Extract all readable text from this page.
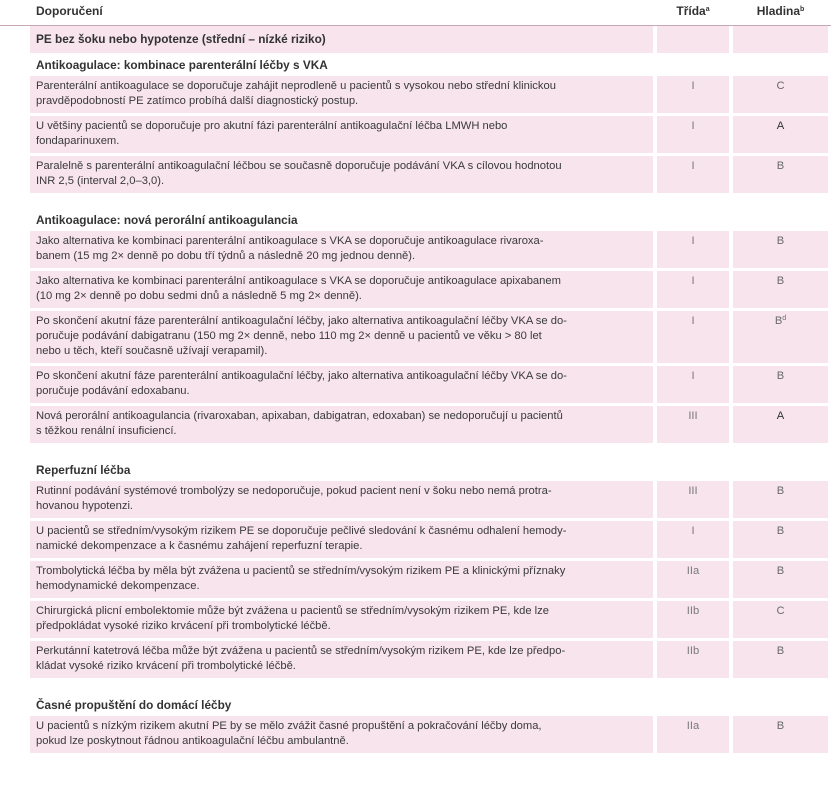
Doporučení	Třída$^a$	Hladina$^b$
PE bez šoku nebo hypotenze (střední – nízké riziko)
Antikoagulace: kombinace parenterální léčby s VKA
Parenterální antikoagulace se doporučuje zahájit neprodleně u pacientů s vysokou nebo střední klinickou
pravděpodobností PE zatímco probíhá další diagnostický postup.
I	C
U většiny pacientů se doporučuje pro akutní fázi parenterální antikoagulační léčba LMWH nebo
fondaparinuxem.
I	A
Paralelně s parenterální antikoagulační léčbou se současně doporučuje podávání VKA s cílovou hodnotou
INR 2,5 (interval 2,0–3,0).
I	B
Antikoagulace: nová perorální antikoagulancia
Jako alternativa ke kombinaci parenterální antikoagulace s VKA se doporučuje antikoagulace rivaroxa-
banem (15 mg 2× denně po dobu tří týdnů a následně 20 mg jednou denně).
I	B
Jako alternativa ke kombinaci parenterální antikoagulace s VKA se doporučuje antikoagulace apixabanem
(10 mg 2× denně po dobu sedmi dnů a následně 5 mg 2× denně).
I	B
Po skončení akutní fáze parenterální antikoagulační léčby, jako alternativa antikoagulační léčby VKA se do-
poručuje podávání dabigatranu (150 mg 2× denně, nebo 110 mg 2× denně u pacientů ve věku > 80 let
nebo u těch, kteří současně užívají verapamil).
I	$B^d$
Po skončení akutní fáze parenterální antikoagulační léčby, jako alternativa antikoagulační léčby VKA se do-
poručuje podávání edoxabanu.
I	B
Nová perorální antikoagulancia (rivaroxaban, apixaban, dabigatran, edoxaban) se nedoporučují u pacientů
s těžkou renální insuficiencí.
III	A
Reperfuzní léčba
Rutinní podávání systémové trombolýzy se nedoporučuje, pokud pacient není v šoku nebo nemá protra-
hovanou hypotenzi.
III	B
U pacientů se středním/vysokým rizikem PE se doporučuje pečlivé sledování k časnému odhalení hemody-
namické dekompenzace a k časnému zahájení reperfuzní terapie.
I	B
Trombolytická léčba by měla být zvážena u pacientů se středním/vysokým rizikem PE a klinickými příznaky
hemodynamické dekompenzace.
IIa	B
Chirurgická plicní embolektomie může být zvážena u pacientů se středním/vysokým rizikem PE, kde lze
předpokládat vysoké riziko krvácení při trombolytické léčbě.
IIb	C
Perkutánní katetrová léčba může být zvážena u pacientů se středním/vysokým rizikem PE, kde lze předpo-
kládat vysoké riziko krvácení při trombolytické léčbě.
IIb	B
Časné propuštění do domácí léčby
U pacientů s nízkým rizikem akutní PE by se mělo zvážit časné propuštění a pokračování léčby doma,
pokud lze poskytnout řádnou antikoagulační léčbu ambulantně.
IIa	B
